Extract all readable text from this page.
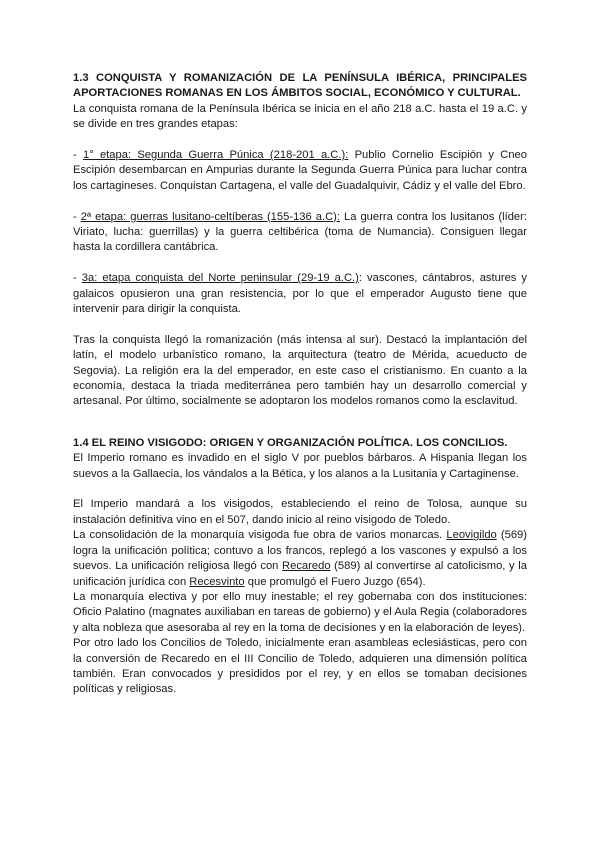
1.3 CONQUISTA Y ROMANIZACIÓN DE LA PENÍNSULA IBÉRICA, PRINCIPALES APORTACIONES ROMANAS EN LOS ÁMBITOS SOCIAL, ECONÓMICO Y CULTURAL.

La conquista romana de la Península Ibérica se inicia en el año 218 a.C. hasta el 19 a.C. y se divide en tres grandes etapas:

- 1° etapa: Segunda Guerra Púnica (218-201 a.C.): Publio Cornelio Escipión y Cneo Escipión desembarcan en Ampurias durante la Segunda Guerra Púnica para luchar contra los cartagineses. Conquistan Cartagena, el valle del Guadalquivir, Cádiz y el valle del Ebro.

- 2ª etapa: guerras lusitano-celtíberas (155-136 a.C): La guerra contra los lusitanos (líder: Viriato, lucha: guerrillas) y la guerra celtibérica (toma de Numancia). Consiguen llegar hasta la cordillera cantábrica.

- 3a: etapa conquista del Norte peninsular (29-19 a.C.): vascones, cántabros, astures y galaicos opusieron una gran resistencia, por lo que el emperador Augusto tiene que intervenir para dirigir la conquista.

Tras la conquista llegó la romanización (más intensa al sur). Destacó la implantación del latín, el modelo urbanístico romano, la arquitectura (teatro de Mérida, acueducto de Segovia). La religión era la del emperador, en este caso el cristianismo. En cuanto a la economía, destaca la triada mediterránea pero también hay un desarrollo comercial y artesanal. Por último, socialmente se adoptaron los modelos romanos como la esclavitud.

1.4 EL REINO VISIGODO: ORIGEN Y ORGANIZACIÓN POLÍTICA. LOS CONCILIOS.

El Imperio romano es invadido en el siglo V por pueblos bárbaros. A Hispania llegan los suevos a la Gallaecia, los vándalos a la Bética, y los alanos a la Lusitania y Cartaginense.

El Imperio mandará a los visigodos, estableciendo el reino de Tolosa, aunque su instalación definitiva vino en el 507, dando inicio al reino visigodo de Toledo.

La consolidación de la monarquía visigoda fue obra de varios monarcas. Leovigildo (569) logra la unificación política; contuvo a los francos, replegó a los vascones y expulsó a los suevos. La unificación religiosa llegó con Recaredo (589) al convertirse al catolicismo, y la unificación jurídica con Recesvinto que promulgó el Fuero Juzgo (654).

La monarquía electiva y por ello muy inestable; el rey gobernaba con dos instituciones: Oficio Palatino (magnates auxiliaban en tareas de gobierno) y el Aula Regia (colaboradores y alta nobleza que asesoraba al rey en la toma de decisiones y en la elaboración de leyes).

Por otro lado los Concilios de Toledo, inicialmente eran asambleas eclesiásticas, pero con la conversión de Recaredo en el III Concilio de Toledo, adquieren una dimensión política también. Eran convocados y presididos por el rey, y en ellos se tomaban decisiones políticas y religiosas.
